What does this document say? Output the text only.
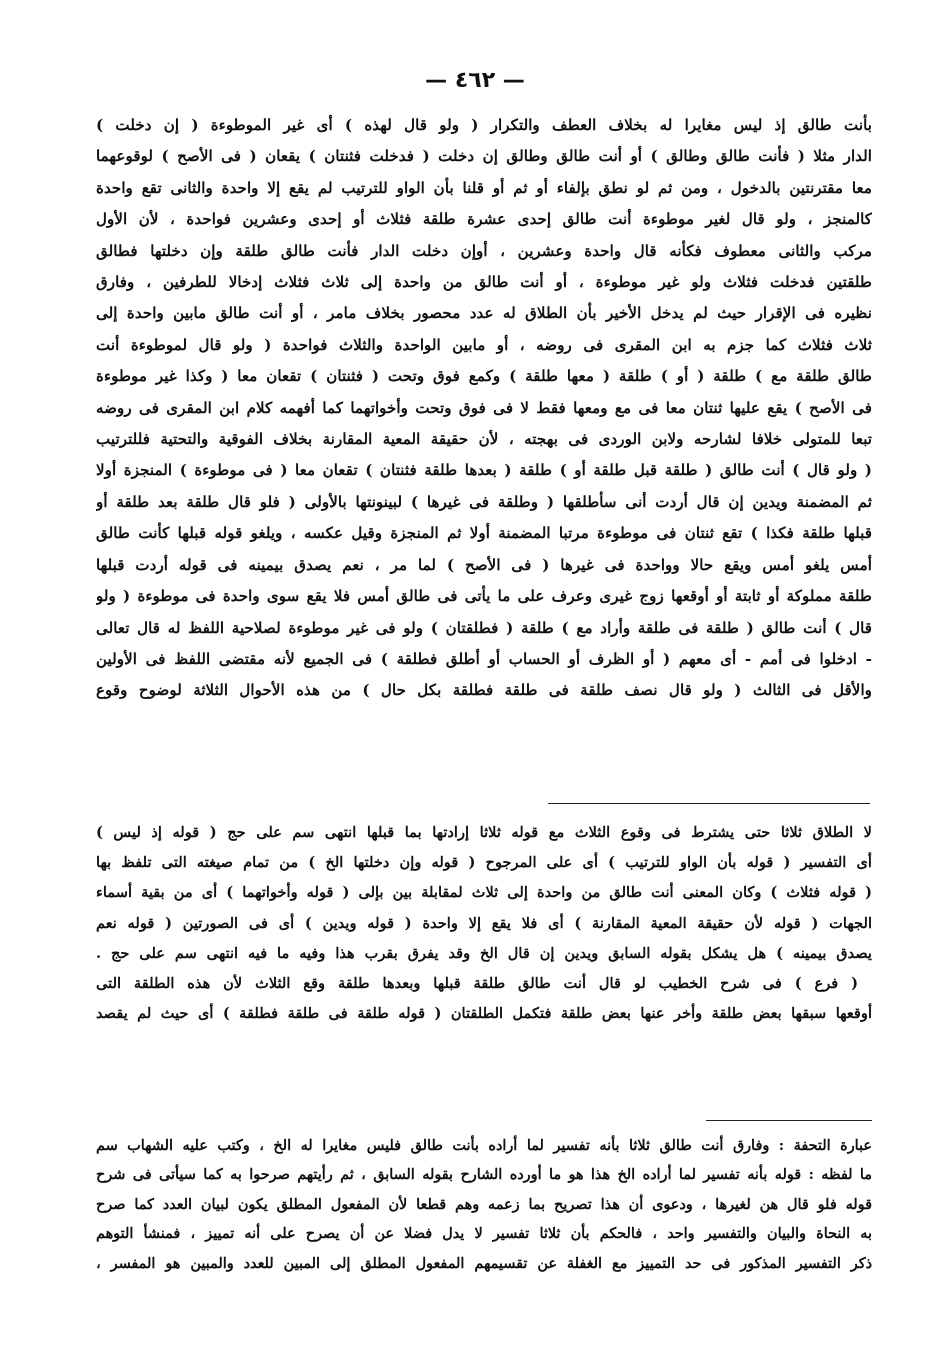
— ٤٦٢ —
بأنت طالق إذ ليس مغايرا له بخلاف العطف والتكرار ( ولو قال لهذه ) أى غير الموطوءة ( إن دخلت )
الدار مثلا ( فأنت طالق وطالق ) أو أنت طالق وطالق إن دخلت ( فدخلت فثنتان ) يقعان ( فى الأصح ) لوقوعهما
معا مقترنتين بالدخول ، ومن ثم لو نطق بإلفاء أو ثم أو قلنا بأن الواو للترتيب لم يقع إلا واحدة والثانى تقع واحدة
كالمنجز ، ولو قال لغير موطوءة أنت طالق إحدى عشرة طلقة فثلاث أو إحدى وعشرين فواحدة ، لأن الأول
مركب والثانى معطوف فكأنه قال واحدة وعشرين ، أوإن دخلت الدار فأنت طالق طلقة وإن دخلتها فطالق
طلقتين فدخلت فثلاث ولو غير موطوءة ، أو أنت طالق من واحدة إلى ثلاث فثلاث إدخالا للطرفين ، وفارق
نظيره فى الإقرار حيث لم يدخل الأخير بأن الطلاق له عدد محصور بخلاف مامر ، أو أنت طالق مابين واحدة إلى
ثلاث فثلاث كما جزم به ابن المقرى فى روضه ، أو مابين الواحدة والثلاث فواحدة ( ولو قال لموطوءة أنت
طالق طلقة مع ) طلقة ( أو ) طلقة ( معها طلقة ) وكمع فوق وتحت ( فثنتان ) تقعان معا ( وكذا غير موطوءة
فى الأصح ) يقع عليها ثنتان معا فى مع ومعها فقط لا فى فوق وتحت وأخواتهما كما أفهمه كلام ابن المقرى فى روضه
تبعا للمتولى خلافا لشارحه ولابن الوردى فى بهجته ، لأن حقيقة المعية المقارنة بخلاف الفوقية والتحتية فللترتيب
( ولو قال ) أنت طالق ( طلقة قبل طلقة أو ) طلقة ( بعدها طلقة فثنتان ) تقعان معا ( فى موطوءة ) المنجزة أولا
ثم المضمنة ويدين إن قال أردت أنى سأطلقها ( وطلقة فى غيرها ) لبينونتها بالأولى ( فلو قال طلقة بعد طلقة أو
قبلها طلقة فكذا ) تقع ثنتان فى موطوءة مرتبا المضمنة أولا ثم المنجزة وقيل عكسه ، ويلغو قوله قبلها كأنت طالق
أمس يلغو أمس ويقع حالا وواحدة فى غيرها ( فى الأصح ) لما مر ، نعم يصدق بيمينه فى قوله أردت قبلها
طلقة مملوكة أو ثابتة أو أوقعها زوج غيرى وعرف على ما يأتى فى طالق أمس فلا يقع سوى واحدة فى موطوءة ( ولو
قال ) أنت طالق ( طلقة فى طلقة وأراد مع ) طلقة ( فطلقتان ) ولو فى غير موطوءة لصلاحية اللفظ له قال تعالى
- ادخلوا فى أمم - أى معهم ( أو الظرف أو الحساب أو أطلق فطلقة ) فى الجميع لأنه مقتضى اللفظ فى الأولين
والأقل فى الثالث ( ولو قال نصف طلقة فى طلقة فطلقة بكل حال ) من هذه الأحوال الثلاثة لوضوح وقوع
لا الطلاق ثلاثا حتى يشترط فى وقوع الثلاث مع قوله ثلاثا إرادتها بما قبلها انتهى سم على حج ( قوله إذ ليس )
أى التفسير ( قوله بأن الواو للترتيب ) أى على المرجوح ( قوله وإن دخلتها الخ ) من تمام صيغته التى تلفظ بها
( قوله فثلاث ) وكان المعنى أنت طالق من واحدة إلى ثلاث لمقابلة بين بإلى ( قوله وأخواتهما ) أى من بقية أسماء
الجهات ( قوله لأن حقيقة المعية المقارنة ) أى فلا يقع إلا واحدة ( قوله ويدين ) أى فى الصورتين ( قوله نعم
يصدق بيمينه ) هل يشكل بقوله السابق ويدين إن قال الخ وقد يفرق بقرب هذا وفيه ما فيه انتهى سم على حج .
( فرع ) فى شرح الخطيب لو قال أنت طالق طلقة قبلها وبعدها طلقة وقع الثلاث لأن هذه الطلقة التى
أوقعها سبقها بعض طلقة وأخر عنها بعض طلقة فتكمل الطلقتان ( قوله طلقة فى طلقة فطلقة ) أى حيث لم يقصد
عبارة التحفة : وفارق أنت طالق ثلاثا بأنه تفسير لما أراده بأنت طالق فليس مغايرا له الخ ، وكتب عليه الشهاب سم
ما لفظه : قوله بأنه تفسير لما أراده الخ هذا هو ما أورده الشارح بقوله السابق ، ثم رأيتهم صرحوا به كما سيأتى فى شرح
قوله فلو قال هن لغيرها ، ودعوى أن هذا تصريح بما زعمه وهم قطعا لأن المفعول المطلق يكون لبيان العدد كما صرح
به النحاة والبيان والتفسير واحد ، فالحكم بأن ثلاثا تفسير لا يدل فضلا عن أن يصرح على أنه تمييز ، فمنشأ التوهم
ذكر التفسير المذكور فى حد التمييز مع الغفلة عن تقسيمهم المفعول المطلق إلى المبين للعدد والمبين هو المفسر ،
